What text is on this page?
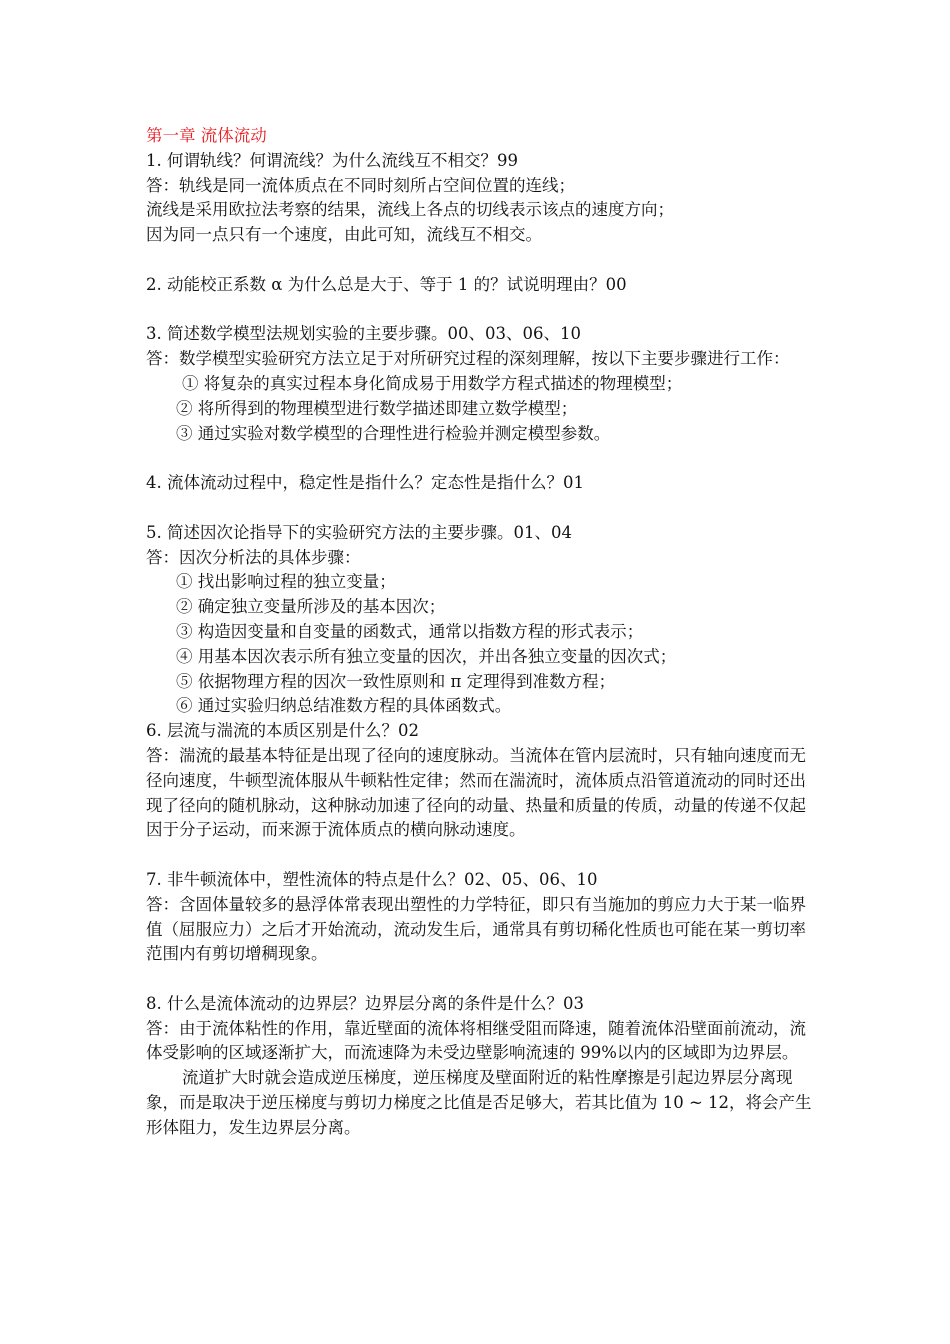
第一章 流体流动

1. 何谓轨线？何谓流线？为什么流线互不相交？99

答：轨线是同一流体质点在不同时刻所占空间位置的连线；

流线是采用欧拉法考察的结果，流线上各点的切线表示该点的速度方向；

因为同一点只有一个速度，由此可知，流线互不相交。

2. 动能校正系数 α 为什么总是大于、等于 1 的？试说明理由？00

3. 简述数学模型法规划实验的主要步骤。00、03、06、10

答：数学模型实验研究方法立足于对所研究过程的深刻理解，按以下主要步骤进行工作：

① 将复杂的真实过程本身化简成易于用数学方程式描述的物理模型；

② 将所得到的物理模型进行数学描述即建立数学模型；

③ 通过实验对数学模型的合理性进行检验并测定模型参数。

4. 流体流动过程中，稳定性是指什么？定态性是指什么？01

5. 简述因次论指导下的实验研究方法的主要步骤。01、04

答：因次分析法的具体步骤：

① 找出影响过程的独立变量；

② 确定独立变量所涉及的基本因次；

③ 构造因变量和自变量的函数式，通常以指数方程的形式表示；

④ 用基本因次表示所有独立变量的因次，并出各独立变量的因次式；

⑤ 依据物理方程的因次一致性原则和 π 定理得到准数方程；

⑥ 通过实验归纳总结准数方程的具体函数式。

6. 层流与湍流的本质区别是什么？02

答：湍流的最基本特征是出现了径向的速度脉动。当流体在管内层流时，只有轴向速度而无径向速度，牛顿型流体服从牛顿粘性定律；然而在湍流时，流体质点沿管道流动的同时还出现了径向的随机脉动，这种脉动加速了径向的动量、热量和质量的传质，动量的传递不仅起因于分子运动，而来源于流体质点的横向脉动速度。

7. 非牛顿流体中，塑性流体的特点是什么？02、05、06、10

答：含固体量较多的悬浮体常表现出塑性的力学特征，即只有当施加的剪应力大于某一临界值（屈服应力）之后才开始流动，流动发生后，通常具有剪切稀化性质也可能在某一剪切率范围内有剪切增稠现象。

8. 什么是流体流动的边界层？边界层分离的条件是什么？03

答：由于流体粘性的作用，靠近壁面的流体将相继受阻而降速，随着流体沿壁面前流动，流体受影响的区域逐渐扩大，而流速降为未受边壁影响流速的 99%以内的区域即为边界层。

流道扩大时就会造成逆压梯度，逆压梯度及壁面附近的粘性摩擦是引起边界层分离现象，而是取决于逆压梯度与剪切力梯度之比值是否足够大，若其比值为 10 ~ 12，将会产生形体阻力，发生边界层分离。
